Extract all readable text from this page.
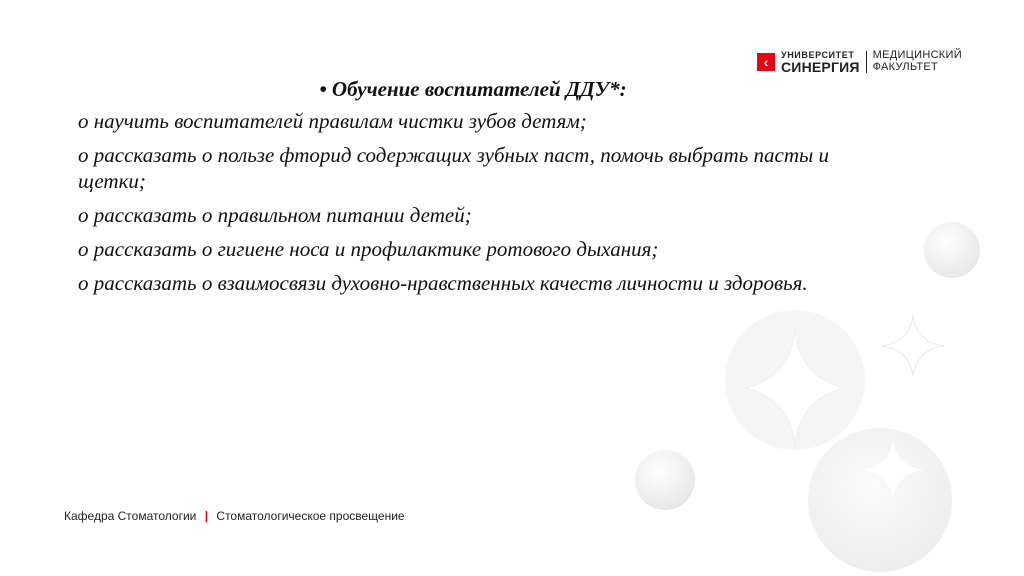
‹ УНИВЕРСИТЕТ
СИНЕРГИЯ
МЕДИЦИНСКИЙ
ФАКУЛЬТЕТ

• Обучение воспитателей ДДУ*:

о научить воспитателей правилам чистки зубов детям;

о рассказать о пользе фторид содержащих зубных паст, помочь выбрать пасты и щетки;

о рассказать о правильном питании детей;

о рассказать о гигиене носа и профилактике ротового дыхания;

о рассказать о взаимосвязи духовно-нравственных качеств личности и здоровья.

Кафедра Стоматологии | Стоматологическое просвещение
